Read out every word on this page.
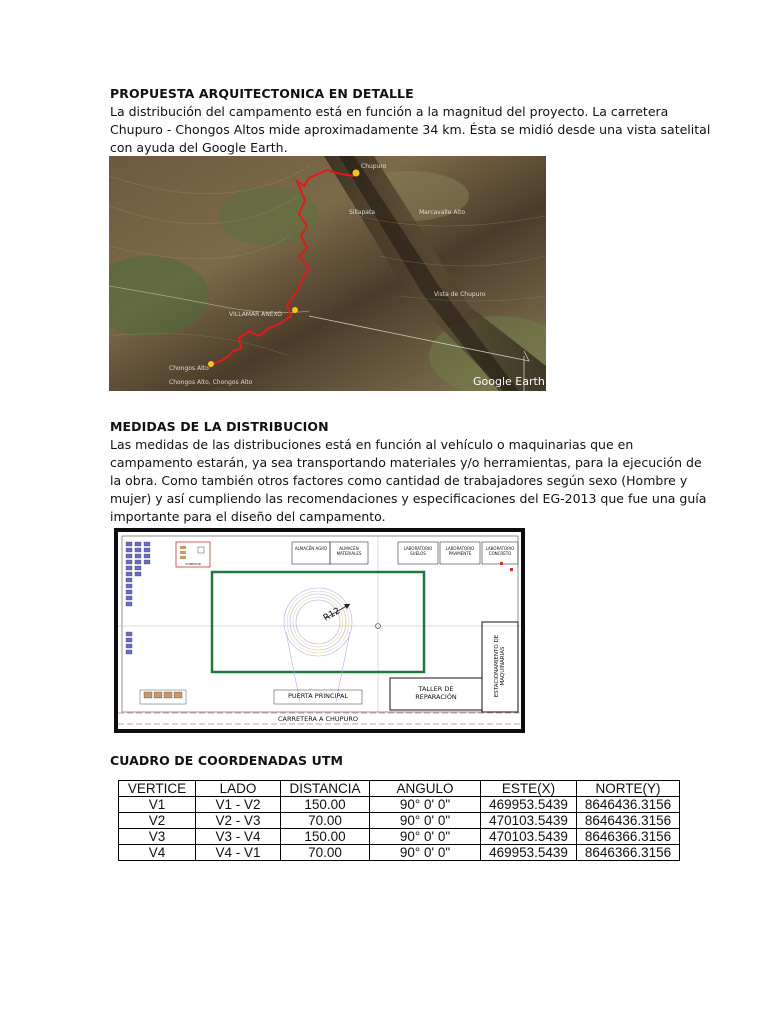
PROPUESTA ARQUITECTONICA EN DETALLE
La distribución del campamento está en función a la magnitud del proyecto. La carretera
Chupuro - Chongos Altos mide aproximadamente 34 km. Ésta se midió desde una vista satelital
con ayuda del Google Earth.
VILLAMAR ANEXO
Chongos Alto
Chongos Alto, Chongos Alto
Sillapata	Marcavalle Alto
Vista de Chupuro
Chupuro
Google Earth
MEDIDAS DE LA DISTRIBUCION
Las medidas de las distribuciones está en función al vehículo o maquinarias que en
campamento estarán, ya sea transportando materiales y/o herramientas, para la ejecución de
la obra. Como también otros factores como cantidad de trabajadores según sexo (Hombre y
mujer) y así cumpliendo las recomendaciones y especificaciones del EG-2013 que fue una guía
importante para el diseño del campamento.
ALMACÉN AGRO	ALMACÉN MATERIALES
LABORATORIO SUELOS
LABORATORIO PAVIMENTE
LABORATORIO CONCRETO
COMEDOR
R12
PUERTA PRINCIPAL
TALLER DE REPARACIÓN	ESTACIONAMIENTO DE MAQUINARIAS
CARRETERA A CHUPURO
CUADRO DE COORDENADAS UTM
VERTICE	LADO	DISTANCIA	ANGULO	ESTE(X)	NORTE(Y)
V1	V1 - V2	150.00	90° 0' 0"	469953.5439	8646436.3156
V2	V2 - V3	70.00	90° 0' 0"	470103.5439	8646436.3156
V3	V3 - V4	150.00	90° 0' 0"	470103.5439	8646366.3156
V4	V4 - V1	70.00	90° 0' 0"	469953.5439	8646366.3156
